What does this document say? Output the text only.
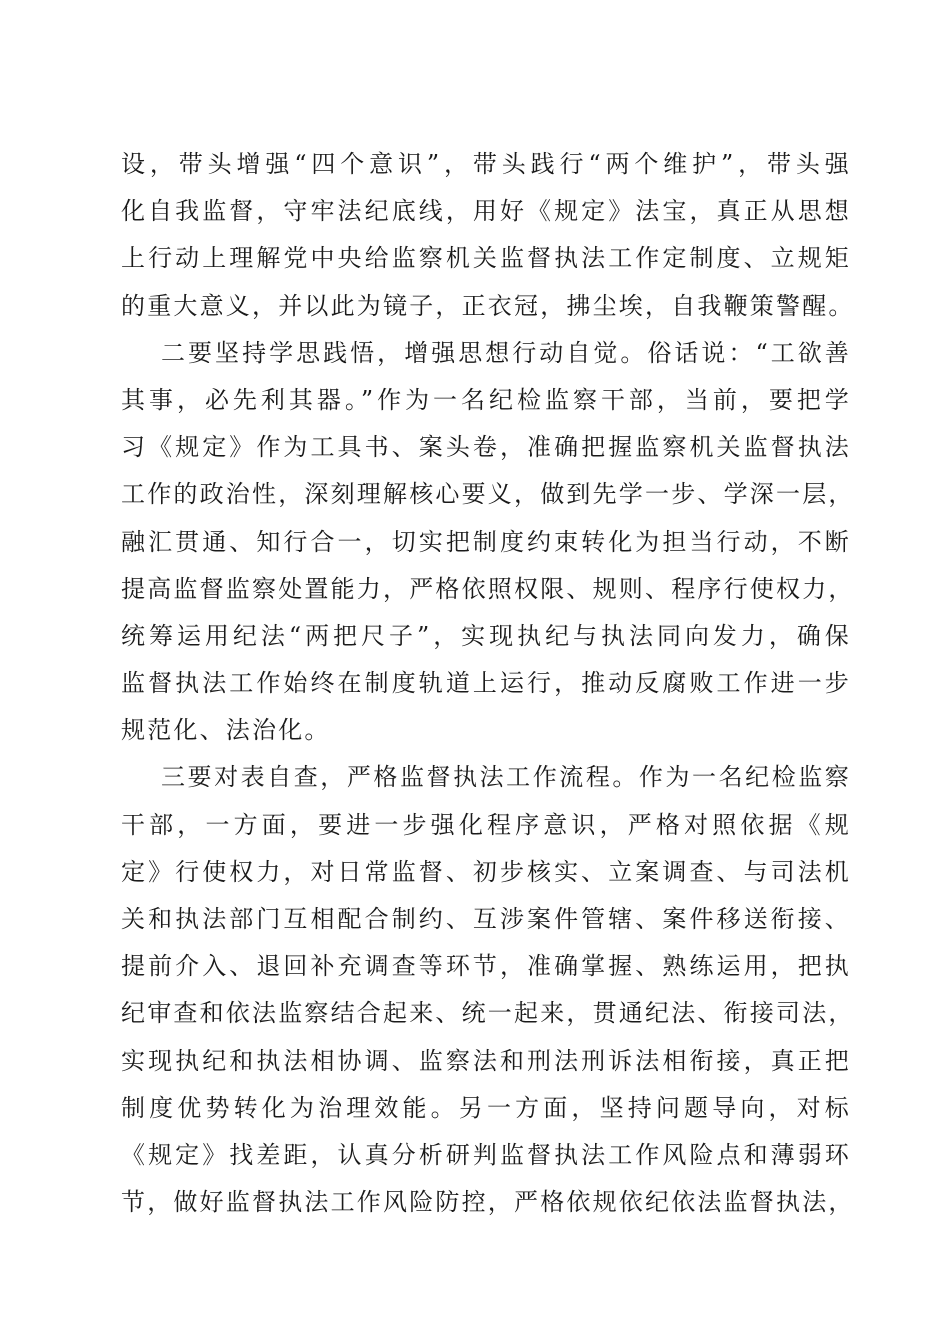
设，带头增强“四个意识”，带头践行“两个维护”，带头强
化自我监督，守牢法纪底线，用好《规定》法宝，真正从思想
上行动上理解党中央给监察机关监督执法工作定制度、立规矩
的重大意义，并以此为镜子，正衣冠，拂尘埃，自我鞭策警醒。
二要坚持学思践悟，增强思想行动自觉。俗话说：“工欲善
其事，必先利其器。”作为一名纪检监察干部，当前，要把学
习《规定》作为工具书、案头卷，准确把握监察机关监督执法
工作的政治性，深刻理解核心要义，做到先学一步、学深一层，
融汇贯通、知行合一，切实把制度约束转化为担当行动，不断
提高监督监察处置能力，严格依照权限、规则、程序行使权力，
统筹运用纪法“两把尺子”，实现执纪与执法同向发力，确保
监督执法工作始终在制度轨道上运行，推动反腐败工作进一步
规范化、法治化。
三要对表自查，严格监督执法工作流程。作为一名纪检监察
干部，一方面，要进一步强化程序意识，严格对照依据《规
定》行使权力，对日常监督、初步核实、立案调查、与司法机
关和执法部门互相配合制约、互涉案件管辖、案件移送衔接、
提前介入、退回补充调查等环节，准确掌握、熟练运用，把执
纪审查和依法监察结合起来、统一起来，贯通纪法、衔接司法，
实现执纪和执法相协调、监察法和刑法刑诉法相衔接，真正把
制度优势转化为治理效能。另一方面，坚持问题导向，对标
《规定》找差距，认真分析研判监督执法工作风险点和薄弱环
节，做好监督执法工作风险防控，严格依规依纪依法监督执法，
